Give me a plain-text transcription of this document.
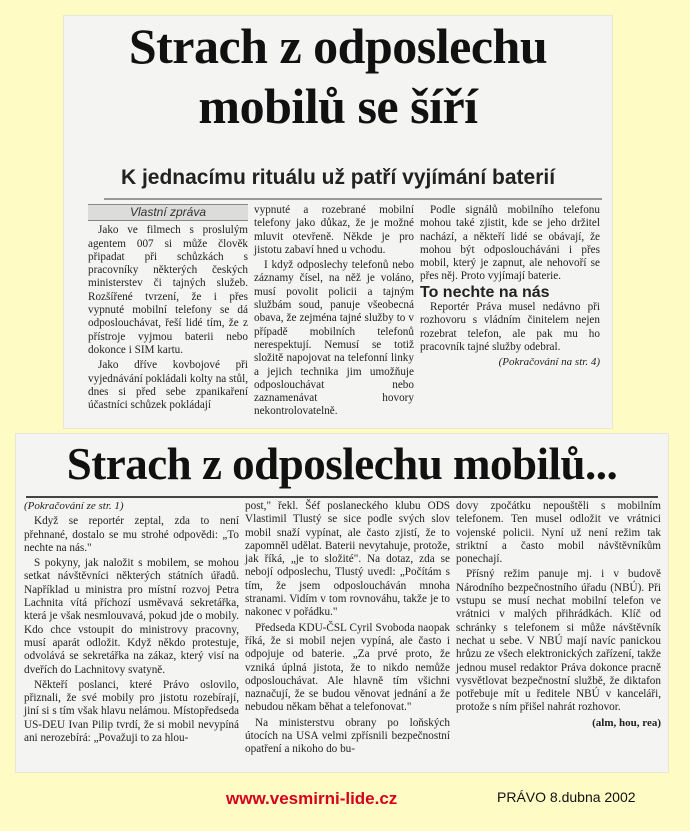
Strach z odposlechu
mobilů se šíří
K jednacímu rituálu už patří vyjímání baterií
Vlastní zpráva

Jako ve filmech s proslulým agentem 007 si může člověk připadat při schůzkách s pracovníky některých českých ministerstev či tajných služeb. Rozšířené tvrzení, že i přes vypnuté mobilní telefony se dá odposlouchávat, řeší lidé tím, že z přístroje vyjmou baterii nebo dokonce i SIM kartu.

Jako dříve kovbojové při vyjednávání pokládali kolty na stůl, dnes si před sebe zpanikaření účastníci schůzek pokládají

vypnuté a rozebrané mobilní telefony jako důkaz, že je možné mluvit otevřeně. Někde je pro jistotu zabaví hned u vchodu.

I když odposlechy telefonů nebo záznamy čísel, na něž je voláno, musí povolit policii a tajným službám soud, panuje všeobecná obava, že zejména tajné služby to v případě mobilních telefonů nerespektují. Nemusí se totiž složitě napojovat na telefonní linky a jejich technika jim umožňuje odposlouchávat nebo zaznamenávat hovory nekontrolovatelně.

Podle signálů mobilního telefonu mohou také zjistit, kde se jeho držitel nachází, a někteří lidé se obávají, že mohou být odposloucháváni i přes mobil, který je zapnut, ale nehovoří se přes něj. Proto vyjímají baterie.

To nechte na nás

Reportér Práva musel nedávno při rozhovoru s vládním činitelem nejen rozebrat telefon, ale pak mu ho pracovník tajné služby odebral.

(Pokračování na str. 4)

Strach z odposlechu mobilů...

(Pokračování ze str. 1)

Když se reportér zeptal, zda to není přehnané, dostalo se mu strohé odpovědi: „To nechte na nás."

S pokyny, jak naložit s mobilem, se mohou setkat návštěvníci některých státních úřadů. Například u ministra pro místní rozvoj Petra Lachnita vítá příchozí usměvavá sekretářka, která je však nesmlouvavá, pokud jde o mobily. Kdo chce vstoupit do ministrovy pracovny, musí aparát odložit. Když někdo protestuje, odvolává se sekretářka na zákaz, který visí na dveřích do Lachnitovy svatyně.

Někteří poslanci, které Právo oslovilo, přiznali, že své mobily pro jistotu rozebírají, jiní si s tím však hlavu nelámou. Místopředseda US-DEU Ivan Pilip tvrdí, že si mobil nevypíná ani nerozebírá: „Považuji to za hlou-

post," řekl. Šéf poslaneckého klubu ODS Vlastimil Tlustý se sice podle svých slov mobil snaží vypínat, ale často zjistí, že to zapomněl udělat. Baterii nevytahuje, protože, jak říká, „je to složité". Na dotaz, zda se nebojí odposlechu, Tlustý uvedl: „Počítám s tím, že jsem odposloucháván mnoha stranami. Vidím v tom rovnováhu, takže je to nakonec v pořádku."

Předseda KDU-ČSL Cyril Svoboda naopak říká, že si mobil nejen vypíná, ale často i odpojuje od baterie. „Za prvé proto, že vzniká úplná jistota, že to nikdo nemůže odposlouchávat. Ale hlavně tím všichni naznačují, že se budou věnovat jednání a že nebudou někam běhat a telefonovat."

Na ministerstvu obrany po loňských útocích na USA velmi zpřísnili bezpečnostní opatření a nikoho do bu-

dovy zpočátku nepouštěli s mobilním telefonem. Ten musel odložit ve vrátnici vojenské policii. Nyní už není režim tak striktní a často mobil návštěvníkům ponechají.

Přísný režim panuje mj. i v budově Národního bezpečnostního úřadu (NBÚ). Při vstupu se musí nechat mobilní telefon ve vrátnici v malých přihrádkách. Klíč od schránky s telefonem si může návštěvník nechat u sebe. V NBÚ mají navíc panickou hrůzu ze všech elektronických zařízení, takže jednou musel redaktor Práva dokonce pracně vysvětlovat bezpečnostní službě, že diktafon potřebuje mít u ředitele NBÚ v kanceláři, protože s ním přišel nahrát rozhovor.

(alm, hou, rea)

www.vesmirni-lide.cz	PRÁVO 8.dubna 2002
